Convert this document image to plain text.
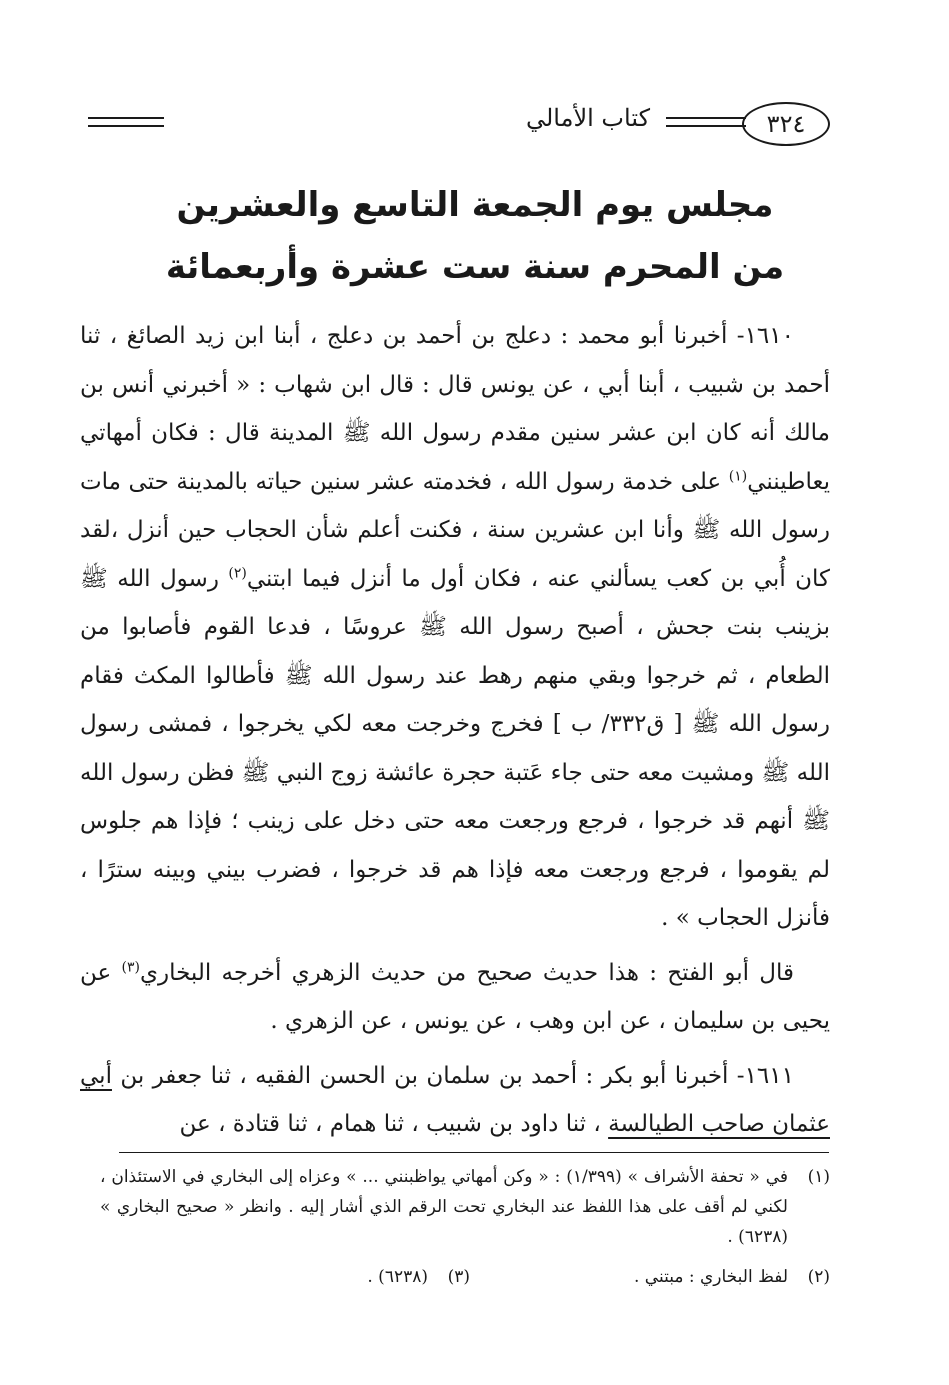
٣٢٤
كتاب الأمالي
مجلس يوم الجمعة التاسع والعشرين
من المحرم سنة ست عشرة وأربعمائة

١٦١٠- أخبرنا أبو محمد : دعلج بن أحمد بن دعلج ، أبنا ابن زيد الصائغ ، ثنا أحمد بن شبيب ، أبنا أبي ، عن يونس قال : قال ابن شهاب : « أخبرني أنس بن مالك أنه كان ابن عشر سنين مقدم رسول الله ﷺ المدينة قال : فكان أمهاتي يعاطينني$^{(١)}$ على خدمة رسول الله ، فخدمته عشر سنين حياته بالمدينة حتى مات رسول الله ﷺ وأنا ابن عشرين سنة ، فكنت أعلم شأن الحجاب حين أنزل ،لقد كان أُبي بن كعب يسألني عنه ، فكان أول ما أنزل فيما ابتني$^{(٢)}$ رسول الله ﷺ بزينب بنت جحش ، أصبح رسول الله ﷺ عروسًا ، فدعا القوم فأصابوا من الطعام ، ثم خرجوا وبقي منهم رهط عند رسول الله ﷺ فأطالوا المكث فقام رسول الله ﷺ [ ق٣٣٢/ ب ] فخرج وخرجت معه لكي يخرجوا ، فمشى رسول الله ﷺ ومشيت معه حتى جاء عَتبة حجرة عائشة زوج النبي ﷺ فظن رسول الله ﷺ أنهم قد خرجوا ، فرجع ورجعت معه حتى دخل على زينب ؛ فإذا هم جلوس لم يقوموا ، فرجع ورجعت معه فإذا هم قد خرجوا ، فضرب بيني وبينه سترًا ، فأنزل الحجاب » .

قال أبو الفتح : هذا حديث صحيح من حديث الزهري أخرجه البخاري$^{(٣)}$ عن يحيى بن سليمان ، عن ابن وهب ، عن يونس ، عن الزهري .

١٦١١- أخبرنا أبو بكر : أحمد بن سلمان بن الحسن الفقيه ، ثنا جعفر بن أبي عثمان صاحب الطيالسة ، ثنا داود بن شبيب ، ثنا همام ، ثنا قتادة ، عن

(١)
في « تحفة الأشراف » (١/٣٩٩) : « وكن أمهاتي يواظبنني ... » وعزاه إلى البخاري في الاستئذان ، لكني لم أقف على هذا اللفظ عند البخاري تحت الرقم الذي أشار إليه . وانظر « صحيح البخاري » (٦٢٣٨) .
(٢)
لفظ البخاري : مبتني .
(٣)
(٦٢٣٨) .
